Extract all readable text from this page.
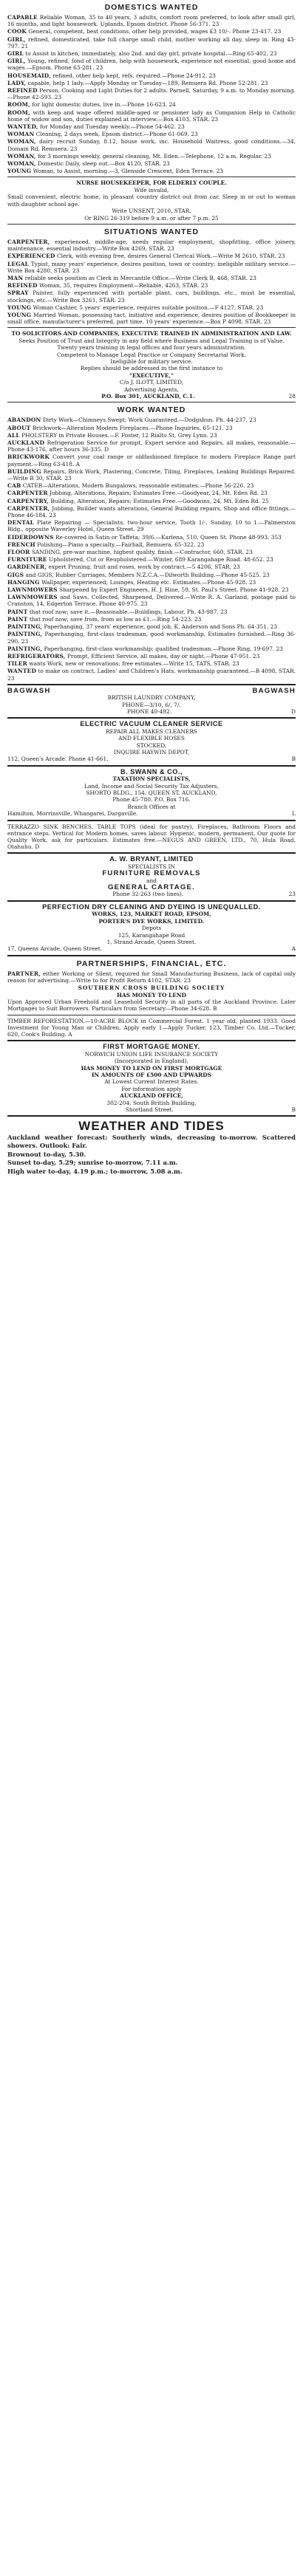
DOMESTICS WANTED
CAPABLE Reliable Woman, 35 to 40 years, 3 adults, comfort room preferred, to look after small girl, 16 months, and light housework. Uplands, Epsom district. Phone 56-371. 23
COOK General, competent, best conditions, other help provided, wages £3 10/-. Phone 23-417. 23
GIRL, refined, domesticated, take full charge small child, mother working all day, sleep in. Ring 43-797. 21
GIRL to Assist in kitchen, immediately, also 2nd. and day girl, private hospital.—Ring 65-402. 23
GIRL, Young, refined, fond of children, help with housework, experience not essential, good home and wages.—Epsom. Phone 63-281. 23
HOUSEMAID, refined, other help kept, refs. required.—Phone 24-912. 23
LADY, capable, help 1 lady.—Apply Monday or Tuesday—189, Remuera Rd. Phone 52-281. 23
REFINED Person, Cooking and Light Duties for 2 adults. Parnell, Saturday, 9 a.m. to Monday morning.—Phone 42-593. 23
ROOM, for light domestic duties, live in.—Phone 16-623. 24
ROOM, with keep and wage offered middle-aged or pensioner lady as Companion Help in Catholic home of widow and son, duties explained at interview.—Box 4103, STAR. 23
WANTED, for Monday and Tuesday weekly.—Phone 54-462. 23
WOMAN Cleaning, 2 days week, Epsom district.—Phone 61-069. 23
WOMAN, dairy recruit Sunday, 8.12, house work, inc. Household Waitress, good conditions.—34, Domain Rd, Remuera. 23
WOMAN, for 3 mornings weekly, general cleaning, Mt. Eden.—Telephone, 12 a.m. Regular. 23
WOMAN, Domestic Daily, sleep out.—Box 4120, STAR. 23
YOUNG Woman, to Assist, morning.—3, Glenside Crescent, Eden Terrace. 23
NURSE HOUSEKEEPER, FOR ELDERLY COUPLE.
Wife invalid,
Small convenient, electric home, in pleasant country district out from car. Sleep in or out to woman with daughter school age.
Write UNSENT, 2010, STAR,
Or RING 26-319 before 9 a.m. or after 7 p.m. 25
SITUATIONS WANTED
CARPENTER, experienced, middle-age, needs regular employment, shopfitting, office joinery, maintenance, essential industry.—Write Box 4269, STAR. 23
EXPERIENCED Clerk, with evening free, desires General Clerical Work.—Write M 2610, STAR. 23
LEGAL Typist, many years' experience, desires position, town or country; ineligible military service.—Write Box 4280, STAR. 23
MAN reliable seeks position as Clerk in Mercantile Office.—Write Clerk B, 468, STAR. 23
REFINED Woman, 35, requires Employment—Reliable, 4263, STAR. 23
SPRAY Painter, fully experienced with portable plant, cars, buildings, etc., must be essential, stockings, etc.—Write Box 3261, STAR. 23
YOUNG Woman Cashier, 5 years' experience, requires suitable position.—F 4127, STAR. 23
YOUNG Married Woman, possessing tact, initiative and experience, desires position of Bookkeeper in small office, manufacturer's preferred, part time, 10 years' experience.—Box P 4098, STAR. 23
TO SOLICITORS AND COMPANIES, EXECUTIVE TRAINED IN ADMINISTRATION AND LAW.
Seeks Position of Trust and Integrity in any field where Business and Legal Training is of Value.
Twenty years training in legal offices and four years administration.
Competent to Manage Legal Practice or Company Secretarial Work.
Ineligible for military service.
Replies should be addressed in the first instance to
"EXECUTIVE,"
C/o J. ILOTT, LIMITED,
Advertising Agents,
P.O. Box 301, AUCKLAND, C.1.	28
WORK WANTED
ABANDON Dirty Work—Chimneys Swept; Work Guaranteed.—Dodgshun. Ph. 44-237. 23
ABOUT Brickwork—Alteration Modern Fireplaces.—Phone Inquiries, 65-121. 23
ALL PHOLSTERY in Private Houses.—F. Foster, 12 Rialto St, Grey Lynn. 23
AUCKLAND Refrigeration Service for prompt, Expert service and Repairs, all makes, reasonable.—Phone 43-176, after hours 36-335. D
BRICKWORK Convert your coal range or oldfashioned fireplace to modern Fireplace Range part payment.—Ring 63-418. A
BUILDING Repairs, Brick Work, Plastering, Concrete, Tiling, Fireplaces, Leaking Buildings Repaired.—Write B 30, STAR. 23
CAB CATER—Alterations, Modern Bungalows, reasonable estimates.—Phone 56-226. 23
CARPENTER Jobbing, Alterations, Repairs; Estimates Free.—Goodyear, 24, Mt. Eden Rd. 23
CARPENTRY, Building, Alteration, Repairs; Estimates Free.—Goodwins, 24, Mt. Eden Rd. 25
CARPENTER, Jobbing, Builder wants alterations, General Building repairs, Shop and office fittings.—Phone 46-184. 23
DENTAL Plate Repairing — Specialists, two-hour service, Tooth 1/-, Sunday, 10 to 1.—Palmerston Bldg., opposite Waverley Hotel, Queen Street. 29
EIDERDOWNS Re-covered in Satin or Taffeta; 39/6.—Karlena, 510, Queen St. Phone 48-993. 353
FRENCH Polishing—Piano a specialty.—Fairhall, Remuera. 65-322. 23
FLOOR SANDING, pre-war machine, highest quality, finish.—Contractor, 660, STAR. 23
FURNITURE Upholstered, Cut or Reupholstered.—Winter, 689 Karangahape Road. 48-652. 23
GARDENER, expert Pruning, fruit and roses, work by contract.—5 4206, STAR. 23
GIGS and GIGS, Rubber Carriages, Members N.Z.C.A.—Dilworth Building.—Phone 45-525. 23
HANGING Wallpaper, experienced; Lounges, Heating etc. Estimates.—Phone 45-928. 23
LAWNMOWERS Sharpened by Expert Engineers, H. J. Hine, 59, St. Paul's Street. Phone 41-928. 23
LAWNMOWERS and Saws, Collected, Sharpened, Delivered.—Write R. A. Garland, postage paid to Cranston, 14, Edgerton Terrace. Phone 40-975. 23
PAINT that roof now; save it.—Reasonable.—Buildings, Labour, Ph. 43-987. 23
PAINT that roof now; save from, from as low as £1.—Ring 54-223. 23
PAINTING, Paperhanging, 37 years' experience, good job, K. Anderson and Sons Ph. 64-351. 23
PAINTING, Paperhanging, first-class tradesman, good workmanship, Estimates furnished.—Ring 36-290. 23
PAINTING, Paperhanging, first-class workmanship; qualified tradesman.—Phone Ring, 19-697. 23
REFRIGERATORS, Prompt, Efficient Service, all makes, day or night.—Phone 47-951. 23
TILER wants Work, new or renovations; free estimates.—Write 15, TATS, STAR. 23
WANTED to make on contract, Ladies' and Children's Hats, workmanship guaranteed.—B 4098, STAR. 23
BAGWASH	BAGWASH
BRITISH LAUNDRY COMPANY,
PHONE—3/10, 6/, 7/.
PHONE 40-492.	D
ELECTRIC VACUUM CLEANER SERVICE
REPAIR ALL MAKES CLEANERS
AND FLEXIBLE HOSES
STOCKED.
INQUIRE HAYWIN DEPOT,
112, Queen's Arcade. Phone 41-661.	B
B. SWANN & CO.,
TAXATION SPECIALISTS,
Land, Income and Social Security Tax Adjusters,
SHORTO BLDG., 154, QUEEN ST, AUCKLAND,
Phone 45-780. P.O. Box 716.
Branch Offices at
Hamilton, Morrinsville, Whangarei, Dargaville.	L
TERRAZZO SINK BENCHES, TABLE TOPS (ideal for pantry), Fireplaces, Bathroom Floors and entrance steps. Vertical for Modern homes, saves labour. Hygienic, modern, permanent. Our quote for Quality Work, ask for particulars. Estimates free.—NEGUS AND GREEN, LTD., 70, Hula Road, Otahuhu. D
A. W. BRYANT, LIMITED
SPECIALISTS IN
FURNITURE REMOVALS
and
GENERAL CARTAGE.
Phone 32-263 (two lines).	23
PERFECTION DRY CLEANING AND DYEING IS UNEQUALLED.
WORKS, 123, MARKET ROAD, EPSOM,
PORTER'S DYE WORKS, LIMITED.
Depots
125, Karangahape Road
1, Strand Arcade, Queen Street.
17, Queens Arcade, Queen Street.	A
PARTNERSHIPS, FINANCIAL, ETC.
PARTNER, either Working or Silent, required for Small Manufacturing Business, lack of capital only reason for advertising.—Write to for Profit Return 4102, STAR. 23
SOUTHERN CROSS BUILDING SOCIETY
HAS MONEY TO LEND
Upon Approved Urban Freehold and Leasehold Security in all parts of the Auckland Province. Later Mortgages to Suit Borrowers. Particulars from Secretary—Phone 34-628. B
TIMBER REFORESTATION.—10-ACRE BLOCK in Commercial Forest. 1 year old, planted 1933. Good Investment for Young Man or Children. Apply early 1—Apply Tucker, 123, Timber Co. Ltd.—Tucker, 620, Cook's Building. A
FIRST MORTGAGE MONEY.
NORWICH UNION LIFE INSURANCE SOCIETY
(Incorporated in England),
HAS MONEY TO LEND ON FIRST MORTGAGE
IN AMOUNTS OF £500 AND UPWARDS
At Lowest Current Interest Rates.
For information apply
AUCKLAND OFFICE,
302-204, South British Building,
Shortland Street.	B
WEATHER AND TIDES
Auckland weather forecast: Southerly winds, decreasing to-morrow. Scattered showers. Outlook: Fair.
Brownout to-day, 5.30.
Sunset to-day, 5.29; sunrise to-morrow, 7.11 a.m.
High water to-day, 4.19 p.m.; to-morrow, 5.08 a.m.
